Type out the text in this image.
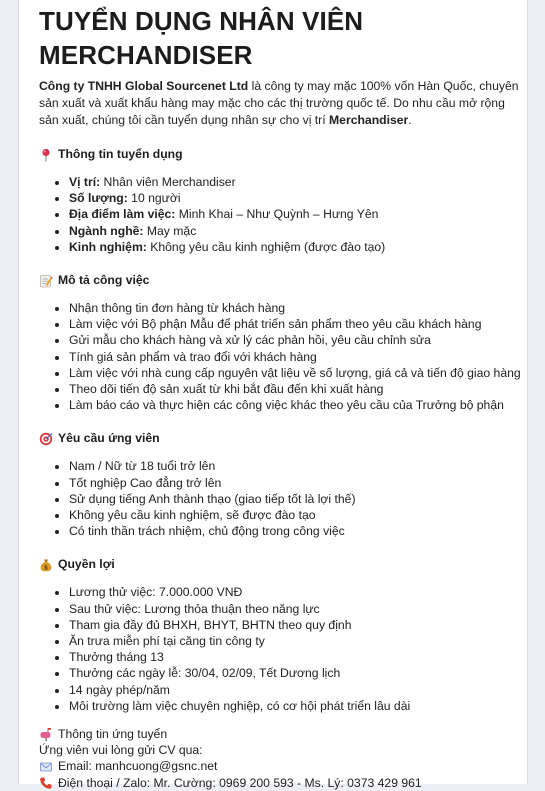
TUYỂN DỤNG NHÂN VIÊN MERCHANDISER

Công ty TNHH Global Sourcenet Ltd là công ty may mặc 100% vốn Hàn Quốc, chuyên sản xuất và xuất khẩu hàng may mặc cho các thị trường quốc tế. Do nhu cầu mở rộng sản xuất, chúng tôi cần tuyển dụng nhân sự cho vị trí Merchandiser.

Thông tin tuyển dụng
• Vị trí: Nhân viên Merchandiser
• Số lượng: 10 người
• Địa điểm làm việc: Minh Khai – Như Quỳnh – Hưng Yên
• Ngành nghề: May mặc
• Kinh nghiệm: Không yêu cầu kinh nghiệm (được đào tạo)
Mô tả công việc
• Nhận thông tin đơn hàng từ khách hàng
• Làm việc với Bộ phận Mẫu để phát triển sản phẩm theo yêu cầu khách hàng
• Gửi mẫu cho khách hàng và xử lý các phản hồi, yêu cầu chỉnh sửa
• Tính giá sản phẩm và trao đổi với khách hàng
• Làm việc với nhà cung cấp nguyên vật liệu về số lượng, giá cả và tiến độ giao hàng
• Theo dõi tiến độ sản xuất từ khi bắt đầu đến khi xuất hàng
• Làm báo cáo và thực hiện các công việc khác theo yêu cầu của Trưởng bộ phận
Yêu cầu ứng viên
• Nam / Nữ từ 18 tuổi trở lên
• Tốt nghiệp Cao đẳng trở lên
• Sử dụng tiếng Anh thành thạo (giao tiếp tốt là lợi thế)
• Không yêu cầu kinh nghiệm, sẽ được đào tạo
• Có tinh thần trách nhiệm, chủ động trong công việc
$ Quyền lợi
• Lương thử việc: 7.000.000 VNĐ
• Sau thử việc: Lương thỏa thuận theo năng lực
• Tham gia đầy đủ BHXH, BHYT, BHTN theo quy định
• Ăn trưa miễn phí tại căng tin công ty
• Thưởng tháng 13
• Thưởng các ngày lễ: 30/04, 02/09, Tết Dương lịch
• 14 ngày phép/năm
• Môi trường làm việc chuyên nghiệp, có cơ hội phát triển lâu dài
Thông tin ứng tuyển
Ứng viên vui lòng gửi CV qua:
Email: manhcuong@gsnc.net
Điện thoại / Zalo: Mr. Cường: 0969 200 593 - Ms. Lý: 0373 429 961
